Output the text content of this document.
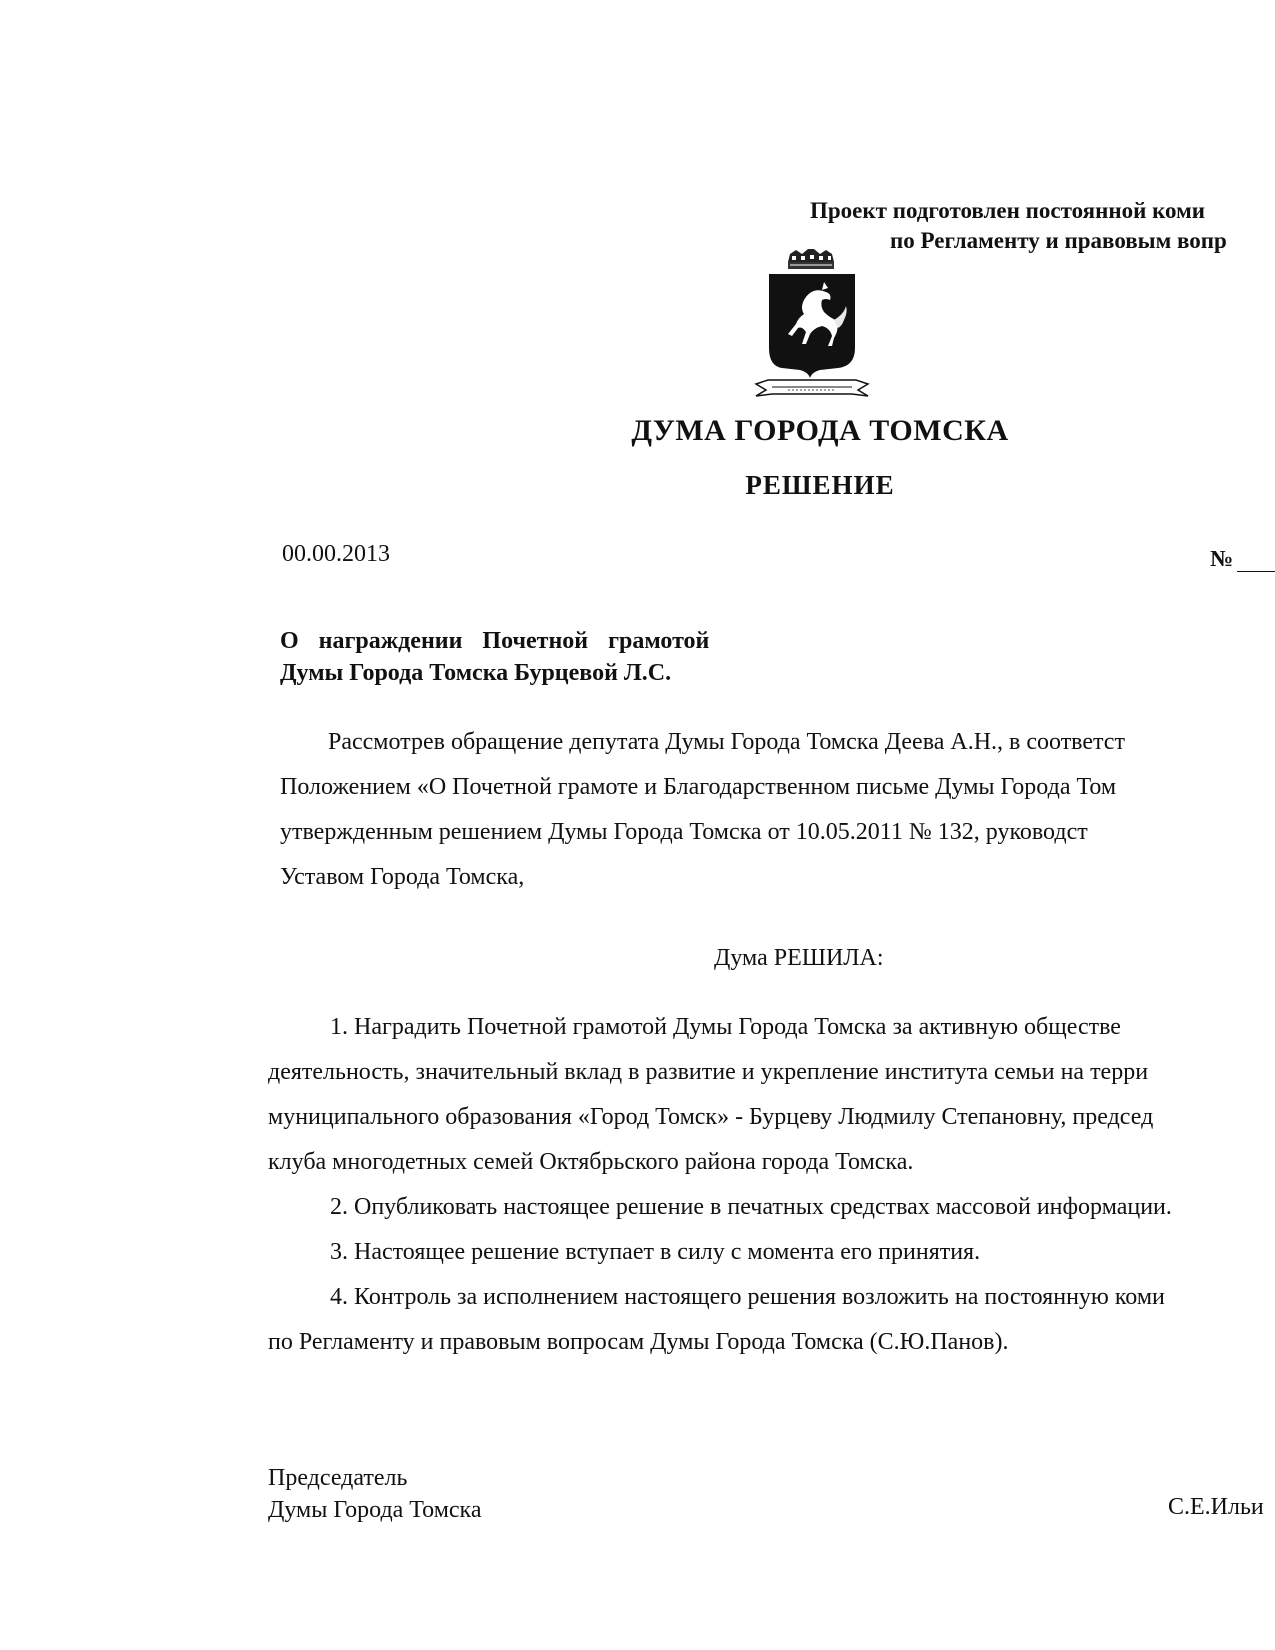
Проект подготовлен постоянной коми
по Регламенту и правовым вопр
ДУМА ГОРОДА ТОМСКА
РЕШЕНИЕ
00.00.2013	№
О награждении Почетной грамотой
Думы Города Томска Бурцевой Л.С.
Рассмотрев обращение депутата Думы Города Томска Деева А.Н., в соответст
Положением «О Почетной грамоте и Благодарственном письме Думы Города Том
утвержденным решением Думы Города Томска от 10.05.2011 № 132, руководст
Уставом Города Томска,
Дума РЕШИЛА:
1. Наградить Почетной грамотой Думы Города Томска за активную обществе
деятельность, значительный вклад в развитие и укрепление института семьи на терри
муниципального образования «Город Томск» - Бурцеву Людмилу Степановну, председ
клуба многодетных семей Октябрьского района города Томска.
2. Опубликовать настоящее решение в печатных средствах массовой информации.
3. Настоящее решение вступает в силу с момента его принятия.
4. Контроль за исполнением настоящего решения возложить на постоянную коми
по Регламенту и правовым вопросам Думы Города Томска (С.Ю.Панов).
Председатель
Думы Города Томска	С.Е.Ильи
